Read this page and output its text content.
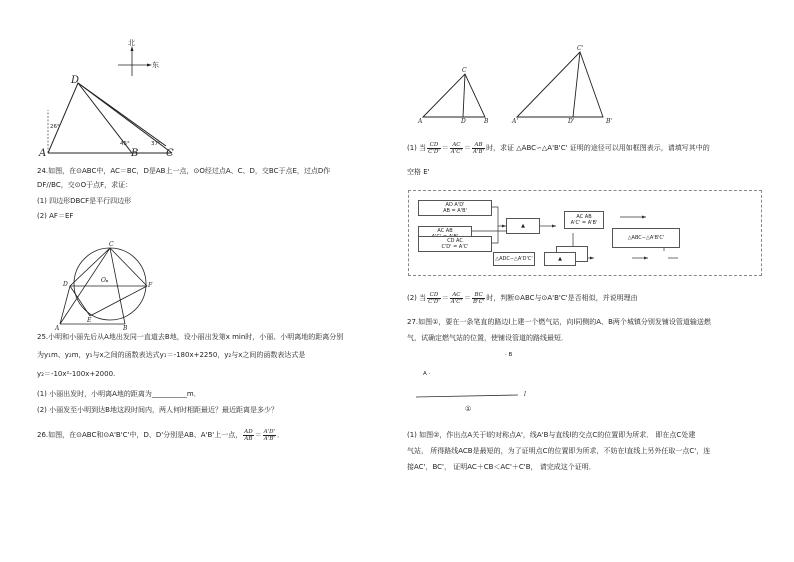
北
东
D
A	B	C
26°
45°	37°
24.如图，在⊙ABC中，AC＝BC，D是AB上一点，⊙O经过点A、C、D，交BC于点E，过点D作
DF//BC，交⊙O于点F，求证：
(1) 四边形DBCF是平行四边形
(2) AF＝EF
D
O
F
A	B
E
C
25.小明和小丽先后从A地出发同一直道去B地，设小丽出发第x min时，小丽、小明离地的距离分别
为y₁m、y₂m，y₁与x之间的函数表达式y₁＝-180x+2250，y₂与x之间的函数表达式是
y₂＝-10x²-100x+2000.
(1) 小丽出发时，小明离A地的距离为__________m．
(2) 小丽发至小明到达B地这段时间内，两人何时相距最近？最近距离是多少？
26.如图，在⊙ABC和⊙A'B'C'中，D、D'分别是AB、A'B'上一点， $\frac{AD}{AB} = \frac{A'D'}{A'B'}$ ．
C
A	D	B
C'
A'	D'	B'
(1) 当 $\frac{CD}{C'D'} = \frac{AC}{A'C'} = \frac{AB}{A'B'}$ 时，求证 △ABC∽△A'B'C' 证明的途径可以用如框图表示，请填写其中的
空格 E'
AD A'D'
AB = A'B'
AC AB
CD AC
C'D' = A'C'
▲
AC AB
A'C' = A'B'
△ADC∽△A'D'C'	▲
△ABC∽△A'B'C'
(2) 当 $\frac{CD}{C'D'} = \frac{AC}{A'C'} = \frac{BC}{B'C'}$ 时，判断⊙ABC与⊙A'B'C'是否相似，并说明理由
27.如图①，要在一条笔直的路边l上建一个燃气站，向l同侧的A、B两个城镇分别发铺设管道输送燃
气，试确定燃气站的位置，使铺设管道的路线最短．
· B
A ·
l
①
(1) 如图②，作出点A关于l的对称点A'，线A'B与直线l的交点C的位置即为所求． 即在点C处建
气站， 所得路线ACB是最短的，为了证明点C的位置即为所求，不妨在l直线上另外任取一点C'，连
接AC'，BC'， 证明AC＋CB＜AC'＋C'B， 请完成这个证明．
